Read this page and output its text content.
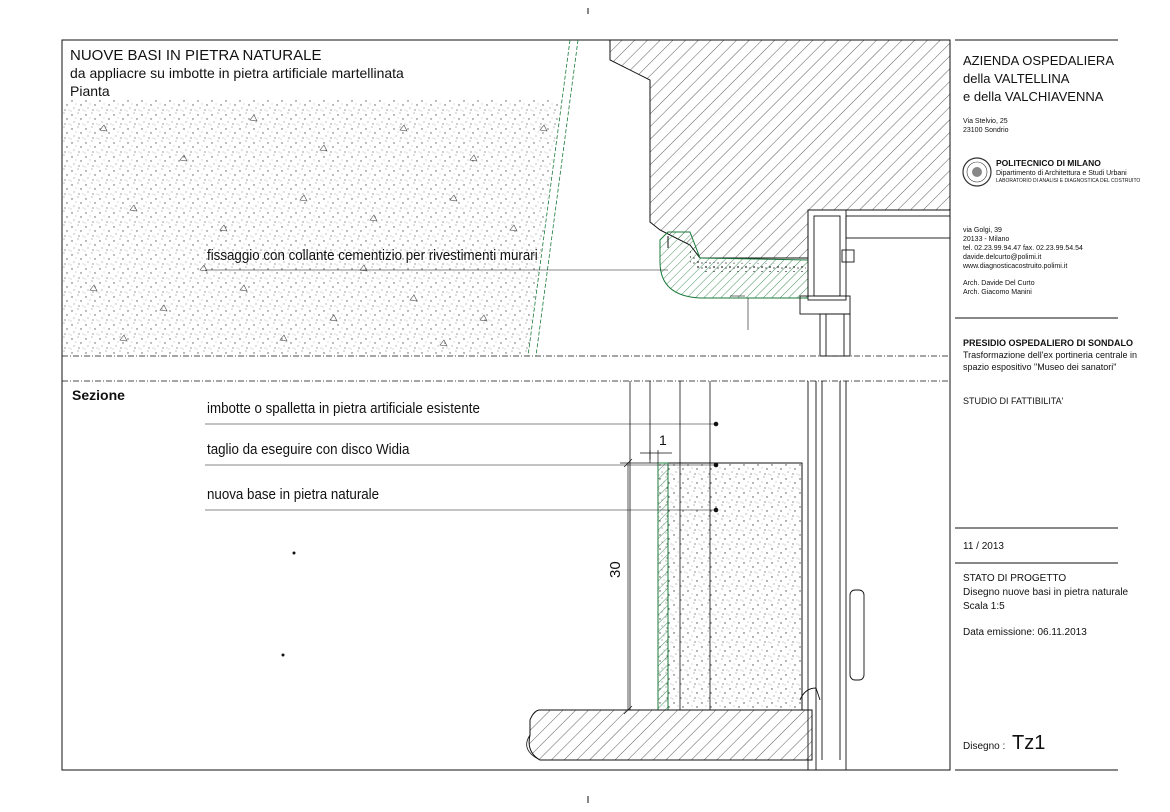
NUOVE BASI IN PIETRA NATURALE
da appliacre su imbotte in pietra artificiale martellinata
Pianta
Sezione
fissaggio con collante cementizio per rivestimenti murari
imbotte o spalletta in pietra artificiale esistente
taglio da eseguire con disco Widia
nuova base in pietra naturale
30
1
AZIENDA OSPEDALIERA
della VALTELLINA
e della VALCHIAVENNA
Via Stelvio, 25
23100 Sondrio
POLITECNICO DI MILANO
Dipartimento di Architettura e Studi Urbani
LABORATORIO DI ANALISI E DIAGNOSTICA DEL COSTRUITO
via Golgi, 39
20133 - Milano
tel. 02.23.99.94.47 fax. 02.23.99.54.54
davide.delcurto@polimi.it
www.diagnosticacostruito.polimi.it
Arch. Davide Del Curto
Arch. Giacomo Manini
PRESIDIO OSPEDALIERO DI SONDALO
Trasformazione dell'ex portineria centrale in
spazio espositivo "Museo dei sanatori"
STUDIO DI FATTIBILITA'
11 / 2013
STATO DI PROGETTO
Disegno nuove basi in pietra naturale
Scala 1:5
Data emissione: 06.11.2013
Disegno : Tz1
